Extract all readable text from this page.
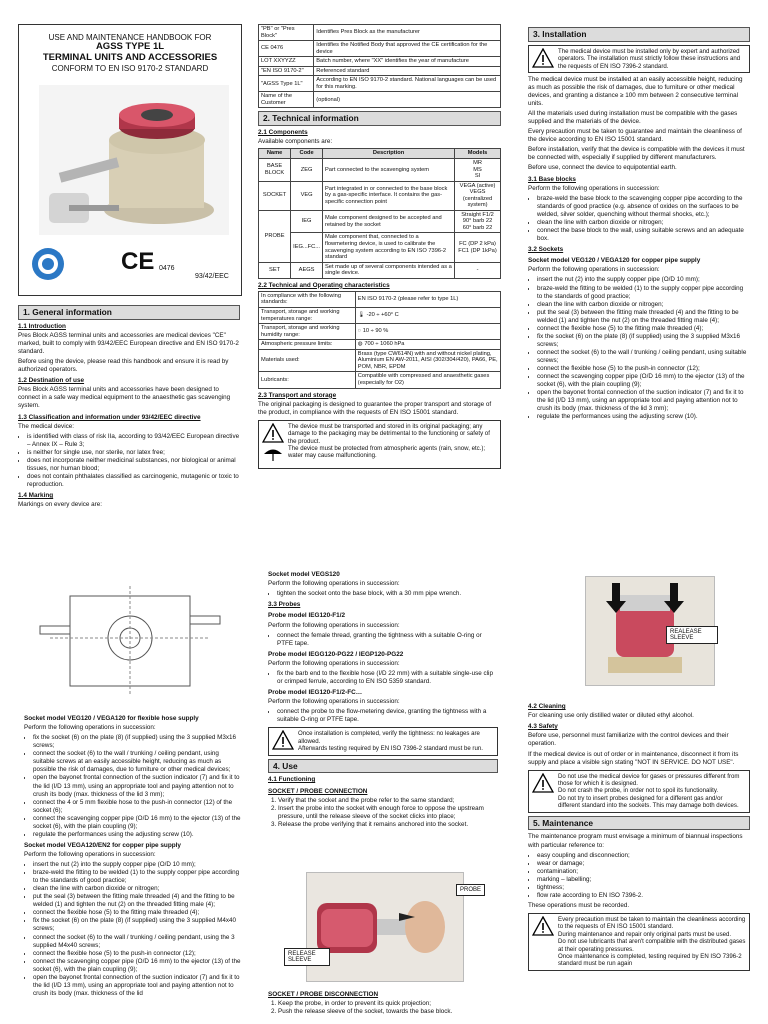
USE AND MAINTENANCE HANDBOOK FOR
AGSS TYPE 1L
TERMINAL UNITS AND ACCESSORIES
CONFORM TO EN ISO 9170-2 STANDARD
CE 0476
93/42/EEC
1. General information
1.1 Introduction

Pres Block AGSS terminal units and accessories are medical devices "CE" marked, built to comply with 93/42/EEC European directive and EN ISO 9170-2 standard.

Before using the device, please read this handbook and ensure it is read by authorized operators.

1.2 Destination of use

Pres Block AGSS terminal units and accessories have been designed to connect in a safe way medical equipment to the anaesthetic gas scavenging system.

1.3 Classification and information under 93/42/EEC directive

The medical device:

• is identified with class of risk IIa, according to 93/42/EEC European directive – Annex IX – Rule 3;
• is neither for single use, nor sterile, nor latex free;
• does not incorporate neither medicinal substances, nor biological or animal tissues, nor human blood;
• does not contain phthalates classified as carcinogenic, mutagenic or toxic to reproduction.
1.4 Marking

Markings on every device are:

"PB" or "Pres Block"	Identifies Pres Block as the manufacturer
CE 0476	Identifies the Notified Body that approved the CE certification for the device
LOT XXYYZZ	Batch number, where "XX" identifies the year of manufacture
"EN ISO 9170-2"	Referenced standard
"AGSS Type 1L"	According to EN ISO 9170-2 standard. National languages can be used for this marking.
Name of the Customer	(optional)
2. Technical information
2.1 Components

Available components are:

Name	Code	Description	Models
BASE BLOCK	ZEG	Part connected to the scavenging system	MR
MS
SI
SOCKET	VEG	Part integrated in or connected to the base block by a gas-specific interface. It contains the gas-specific connection point	VEGA (active)
VEGS (centralized system)
PROBE	IEG	Male component designed to be accepted and retained by the socket	Straight F1/2
90° barb 22
60° barb 22
	IEG...FC...	Male component that, connected to a flowmetering device, is used to calibrate the scavenging system according to EN ISO 7396-2 standard	FC (DP 2 kPa)
FC1 (DP 1kPa)
SET	AEGS	Set made up of several components intended as a single device.	-
2.2 Technical and Operating characteristics
In compliance with the following standards:	EN ISO 9170-2 (please refer to type 1L)
Transport, storage and working temperatures range:	🌡 -20 ÷ +60° C
Transport, storage and working humidity range:	◌ 10 ÷ 90 %
Atmospheric pressure limits:	◍ 700 ÷ 1060 hPa
Materials used:	Brass (type CW614N) with and without nickel plating, Aluminium EN AW-2011, AISI (302/304/420), PA66, PE, POM, NBR, EPDM
Lubricants:	Compatible with compressed and anaesthetic gases (especially for O2)
2.3 Transport and storage

The original packaging is designed to guarantee the proper transport and storage of the product, in compliance with the requests of EN ISO 15001 standard.

The device must be transported and stored in its original packaging; any damage to the packaging may be detrimental to the functioning or safety of the product.

The device must be protected from atmospheric agents (rain, snow, etc.); water may cause malfunctioning.

3. Installation

The medical device must be installed only by expert and authorized operators. The installation must strictly follow these instructions and the requests of EN ISO 7396-2 standard.

The medical device must be installed at an easily accessible height, reducing as much as possible the risk of damages, due to furniture or other medical devices, and granting a distance ≥ 100 mm between 2 consecutive terminal units.

All the materials used during installation must be compatible with the gases supplied and the materials of the device.

Every precaution must be taken to guarantee and maintain the cleanliness of the device according to EN ISO 15001 standard.

Before installation, verify that the device is compatible with the devices it must be connected with, especially if supplied by different manufacturers.

Before use, connect the device to equipotential earth.

3.1 Base blocks

Perform the following operations in succession:

• braze-weld the base block to the scavenging copper pipe according to the standards of good practice (e.g. absence of oxides on the surfaces to be welded, silver solder, quenching without thermal shocks, etc.);
• clean the line with carbon dioxide or nitrogen;
• connect the base block to the wall, using suitable screws and an adequate box.
3.2 Sockets
Socket model VEG120 / VEGA120 for copper pipe supply

Perform the following operations in succession:

• insert the nut (2) into the supply copper pipe (O/D 10 mm);
• braze-weld the fitting to be welded (1) to the supply copper pipe according to the standards of good practice;
• clean the line with carbon dioxide or nitrogen;
• put the seal (3) between the fitting male threaded (4) and the fitting to be welded (1) and tighten the nut (2) on the threaded fitting male (4);
• connect the flexible hose (5) to the fitting male threaded (4);
• fix the socket (6) on the plate (8) (if supplied) using the 3 supplied M3x16 screws;
• connect the socket (6) to the wall / trunking / ceiling pendant, using suitable screws;
• connect the flexible hose (5) to the push-in connector (12);
• connect the scavenging copper pipe (O/D 16 mm) to the ejector (13) of the socket (6), with the plain coupling (9);
• open the bayonet frontal connection of the suction indicator (7) and fix it to the lid (I/D 13 mm), using an appropriate tool and paying attention not to crush its body (max. thickness of the lid 3 mm);
• regulate the performances using the adjusting screw (10).
Socket model VEG120 / VEGA120 for flexible hose supply

Perform the following operations in succession:

• fix the socket (6) on the plate (8) (if supplied) using the 3 supplied M3x16 screws;
• connect the socket (6) to the wall / trunking / ceiling pendant, using suitable screws at an easily accessible height, reducing as much as possible the risk of damages, due to furniture or other medical devices;
• open the bayonet frontal connection of the suction indicator (7) and fix it to the lid (I/D 13 mm), using an appropriate tool and paying attention not to crush its body (max. thickness of the lid 3 mm);
• connect the 4 or 5 mm flexible hose to the push-in connector (12) of the socket (6);
• connect the scavenging copper pipe (O/D 16 mm) to the ejector (13) of the socket (6), with the plain coupling (9);
• regulate the performances using the adjusting screw (10).
Socket model VEGA120/EN2 for copper pipe supply

Perform the following operations in succession:

• insert the nut (2) into the supply copper pipe (O/D 10 mm);
• braze-weld the fitting to be welded (1) to the supply copper pipe according to the standards of good practice;
• clean the line with carbon dioxide or nitrogen;
• put the seal (3) between the fitting male threaded (4) and the fitting to be welded (1) and tighten the nut (2) on the threaded fitting male (4);
• connect the flexible hose (5) to the fitting male threaded (4);
• fix the socket (6) on the plate (8) (if supplied) using the 3 supplied M4x40 screws;
• connect the socket (6) to the wall / trunking / ceiling pendant, using the 3 supplied M4x40 screws;
• connect the flexible hose (5) to the push-in connector (12);
• connect the scavenging copper pipe (O/D 16 mm) to the ejector (13) of the socket (6), with the plain coupling (9);
• open the bayonet frontal connection of the suction indicator (7) and fix it to the lid (I/D 13 mm), using an appropriate tool and paying attention not to crush its body (max. thickness of the lid
Socket model VEGS120

Perform the following operations in succession:

• tighten the socket onto the base block, with a 30 mm pipe wrench.
3.3 Probes
Probe model IEG120-F1/2

Perform the following operations in succession:

• connect the female thread, granting the tightness with a suitable O-ring or PTFE tape.
Probe model IEGG120-PG22 / IEGP120-PG22

Perform the following operations in succession:

• fix the barb end to the flexible hose (I/D 22 mm) with a suitable single-use clip or crimped ferrule, according to EN ISO 5359 standard.
Probe model IEG120-F1/2-FC…

Perform the following operations in succession:

• connect the probe to the flow-metering device, granting the tightness with a suitable O-ring or PTFE tape.

Once installation is completed, verify the tightness: no leakages are allowed.

Afterwards testing required by EN ISO 7396-2 standard must be run.

4. Use
4.1 Functioning
SOCKET / PROBE CONNECTION
1. Verify that the socket and the probe refer to the same standard;
2. Insert the probe into the socket with enough force to oppose the upstream pressure, until the release sleeve of the socket clicks into place;
3. Release the probe verifying that it remains anchored into the socket.
PROBE
RELEASE SLEEVE
SOCKET / PROBE DISCONNECTION
1. Keep the probe, in order to prevent its quick projection;
2. Push the release sleeve of the socket, towards the base block.
REALEASE SLEEVE
4.2 Cleaning

For cleaning use only distilled water or diluted ethyl alcohol.

4.3 Safety

Before use, personnel must familiarize with the control devices and their operation.

If the medical device is out of order or in maintenance, disconnect it from its supply and place a visible sign stating "NOT IN SERVICE. DO NOT USE".

Do not use the medical device for gases or pressures different from those for which it is designed.

Do not crash the probe, in order not to spoil its functionality.

Do not try to insert probes designed for a different gas and/or different standard into the sockets. This may damage both devices.

5. Maintenance

The maintenance program must envisage a minimum of biannual inspections with particular reference to:

• easy coupling and disconnection;
• wear or damage;
• contamination;
• marking – labelling;
• tightness;
• flow rate according to EN ISO 7396-2.

These operations must be recorded.

Every precaution must be taken to maintain the cleanliness according to the requests of EN ISO 15001 standard.

During maintenance and repair only original parts must be used.

Do not use lubricants that aren't compatible with the distributed gases at their operating pressures.

Once maintenance is completed, testing required by EN ISO 7396-2 standard must be run again
